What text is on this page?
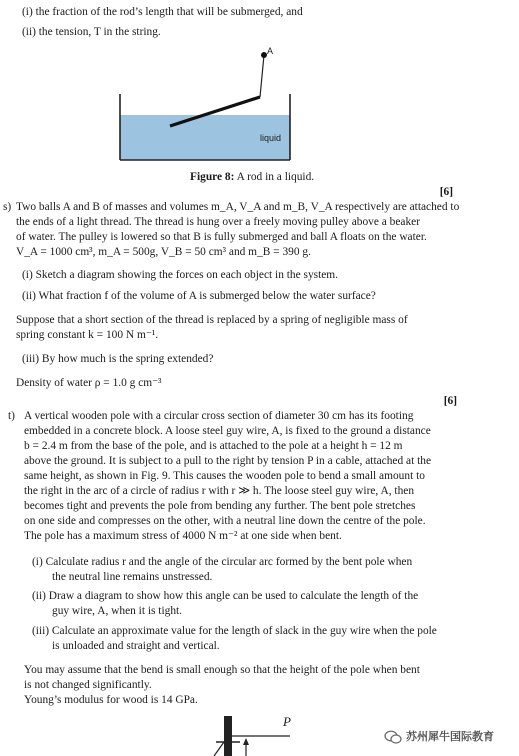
(i) the fraction of the rod’s length that will be submerged, and
(ii) the tension, T in the string.
A
liquid
Figure 8: A rod in a liquid.
[6]
s) Two balls A and B of masses and volumes m_A, V_A and m_B, V_A respectively are attached to
the ends of a light thread. The thread is hung over a freely moving pulley above a beaker
of water. The pulley is lowered so that B is fully submerged and ball A floats on the water.
V_A = 1000 cm³, m_A = 500g, V_B = 50 cm³ and m_B = 390 g.
(i) Sketch a diagram showing the forces on each object in the system.
(ii) What fraction f of the volume of A is submerged below the water surface?
Suppose that a short section of the thread is replaced by a spring of negligible mass of
spring constant k = 100 N m⁻¹.
(iii) By how much is the spring extended?
Density of water ρ = 1.0 g cm⁻³
[6]
t) A vertical wooden pole with a circular cross section of diameter 30 cm has its footing
embedded in a concrete block. A loose steel guy wire, A, is fixed to the ground a distance
b = 2.4 m from the base of the pole, and is attached to the pole at a height h = 12 m
above the ground. It is subject to a pull to the right by tension P in a cable, attached at the
same height, as shown in Fig. 9. This causes the wooden pole to bend a small amount to
the right in the arc of a circle of radius r with r ≫ h. The loose steel guy wire, A, then
becomes tight and prevents the pole from bending any further. The bent pole stretches
on one side and compresses on the other, with a neutral line down the centre of the pole.
The pole has a maximum stress of 4000 N m⁻² at one side when bent.
(i) Calculate radius r and the angle of the circular arc formed by the bent pole when
the neutral line remains unstressed.
(ii) Draw a diagram to show how this angle can be used to calculate the length of the
guy wire, A, when it is tight.
(iii) Calculate an approximate value for the length of slack in the guy wire when the pole
is unloaded and straight and vertical.
You may assume that the bend is small enough so that the height of the pole when bent
is not changed significantly.
Young’s modulus for wood is 14 GPa.
P
苏州犀牛国际教育
